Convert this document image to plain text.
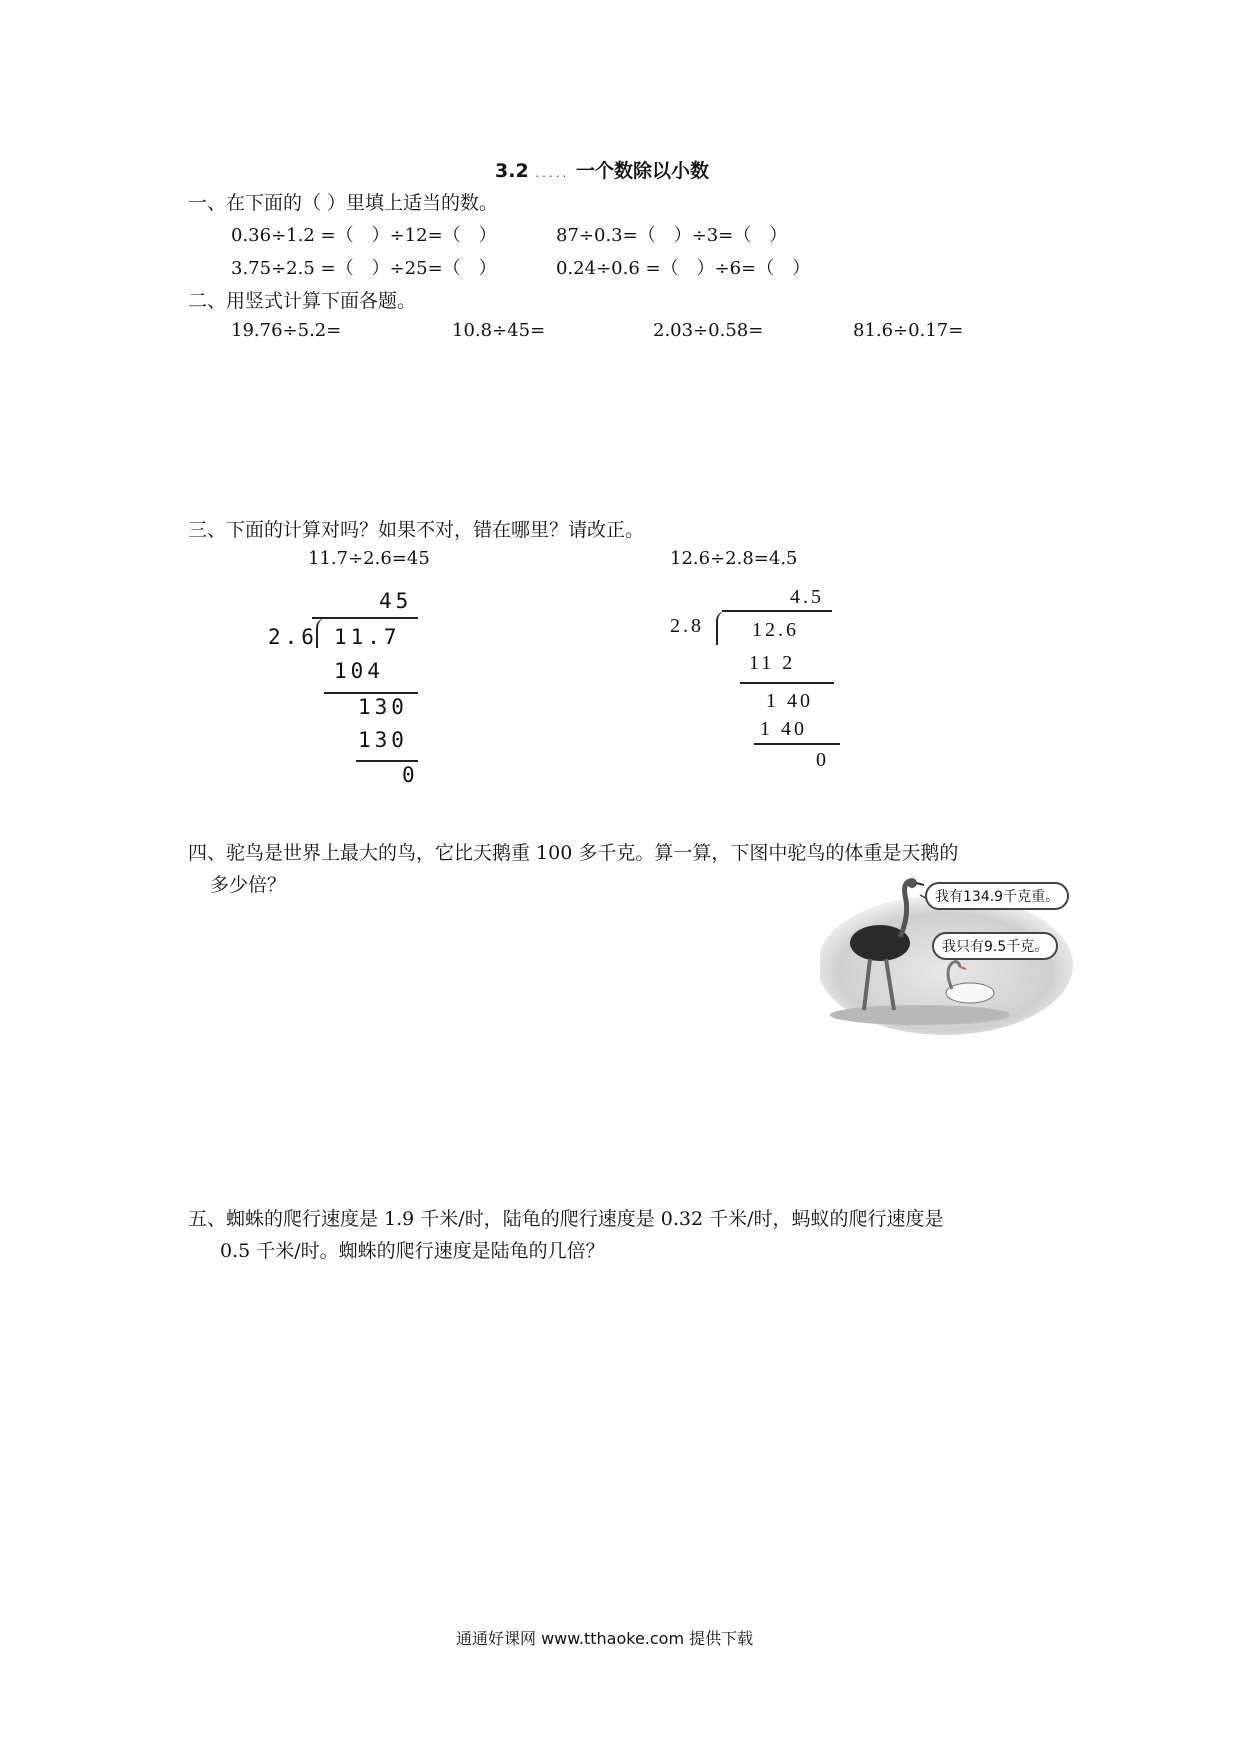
3.2 ..... 一个数除以小数
一、在下面的（ ）里填上适当的数。
0.36÷1.2 =（　）÷12=（　）	87÷0.3=（　）÷3=（　）
3.75÷2.5 =（　）÷25=（　）	0.24÷0.6 =（　）÷6=（　）
二、用竖式计算下面各题。
19.76÷5.2=	10.8÷45=	2.03÷0.58=	81.6÷0.17=
三、下面的计算对吗？如果不对，错在哪里？请改正。
11.7÷2.6=45	12.6÷2.8=4.5
45
2.6 11.7
104
130
130
0
4.5
2.8 12.6
11 2
1 40
1 40
0
四、驼鸟是世界上最大的鸟，它比天鹅重 100 多千克。算一算，下图中驼鸟的体重是天鹅的
多少倍？
我有134.9千克重。
我只有9.5千克。
五、蜘蛛的爬行速度是 1.9 千米/时，陆龟的爬行速度是 0.32 千米/时，蚂蚁的爬行速度是
0.5 千米/时。蜘蛛的爬行速度是陆龟的几倍？
通通好课网 www.tthaoke.com 提供下载
